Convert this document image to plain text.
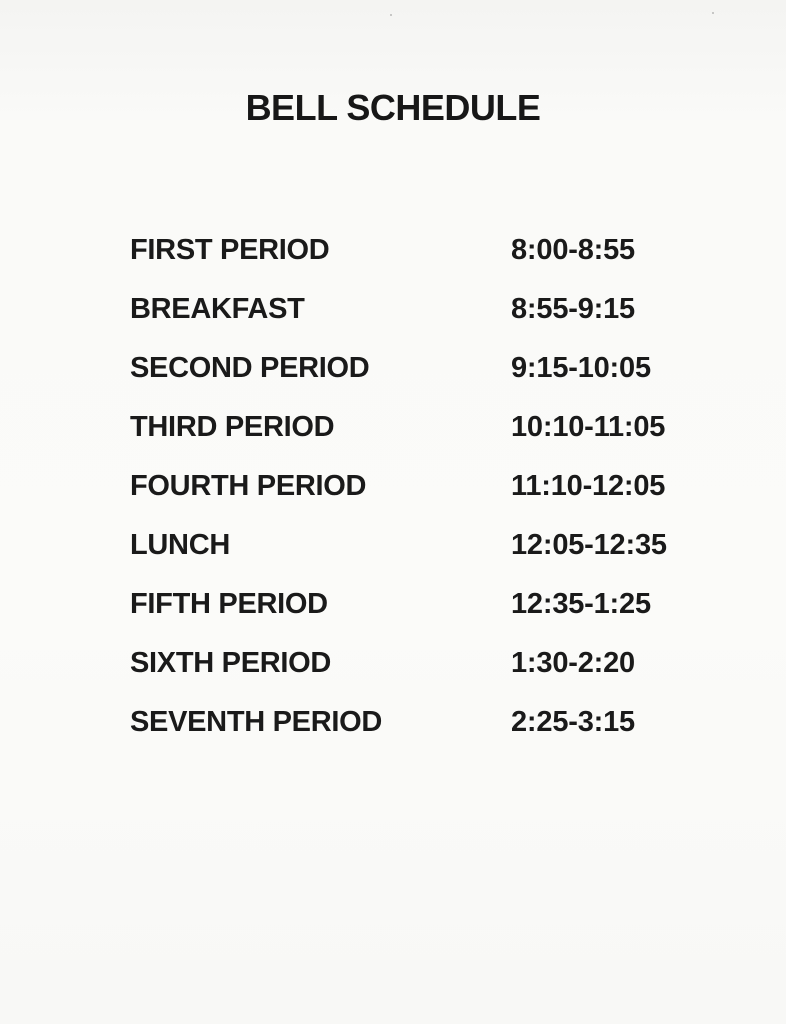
BELL SCHEDULE
FIRST PERIOD	8:00-8:55
BREAKFAST	8:55-9:15
SECOND PERIOD	9:15-10:05
THIRD PERIOD	10:10-11:05
FOURTH PERIOD	11:10-12:05
LUNCH	12:05-12:35
FIFTH PERIOD	12:35-1:25
SIXTH PERIOD	1:30-2:20
SEVENTH PERIOD	2:25-3:15
